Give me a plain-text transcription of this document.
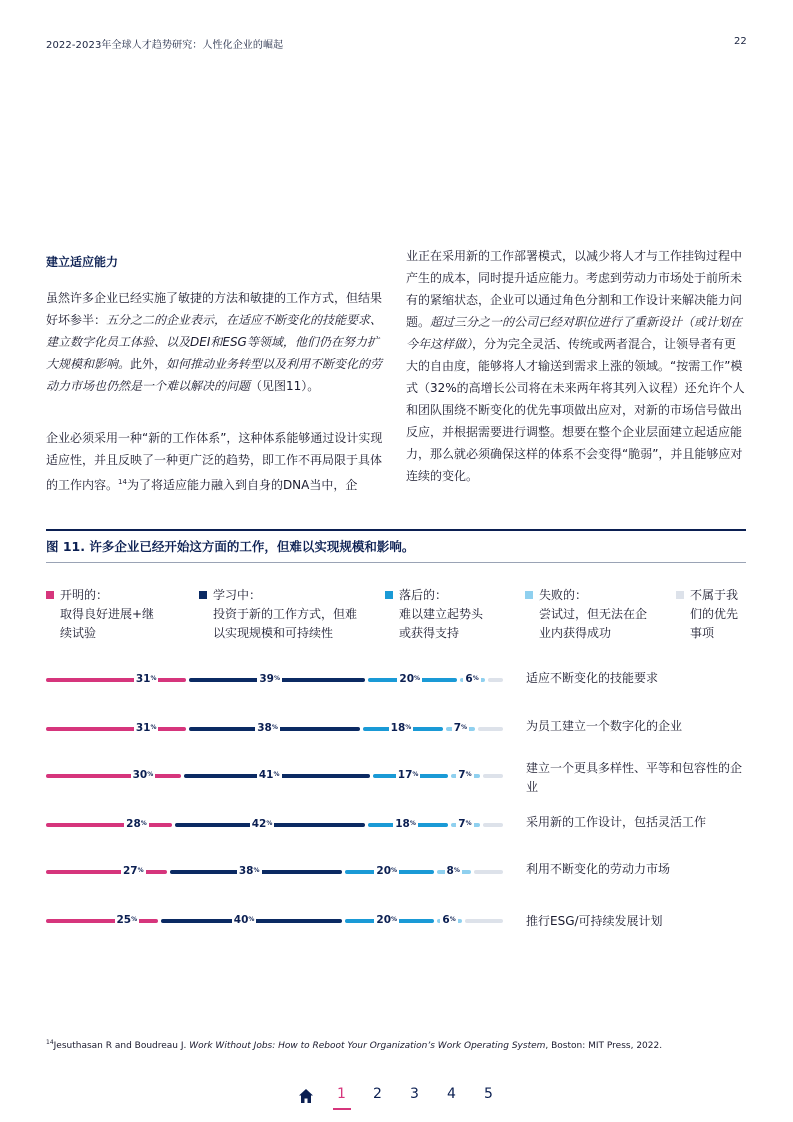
2022-2023年全球人才趋势研究：人性化企业的崛起	22
建立适应能力
虽然许多企业已经实施了敏捷的方法和敏捷的工作方式，但结果好坏参半：五分之二的企业表示，在适应不断变化的技能要求、建立数字化员工体验、以及DEI和ESG等领域，他们仍在努力扩大规模和影响。此外，如何推动业务转型以及利用不断变化的劳动力市场也仍然是一个难以解决的问题（见图11）。
企业必须采用一种“新的工作体系”，这种体系能够通过设计实现适应性，并且反映了一种更广泛的趋势，即工作不再局限于具体的工作内容。$^{14}$为了将适应能力融入到自身的DNA当中，企
业正在采用新的工作部署模式，以减少将人才与工作挂钩过程中产生的成本，同时提升适应能力。考虑到劳动力市场处于前所未有的紧缩状态，企业可以通过角色分割和工作设计来解决能力问题。超过三分之一的公司已经对职位进行了重新设计（或计划在今年这样做），分为完全灵活、传统或两者混合，让领导者有更大的自由度，能够将人才输送到需求上涨的领域。“按需工作”模式（32%的高增长公司将在未来两年将其列入议程）还允许个人和团队围绕不断变化的优先事项做出应对，对新的市场信号做出反应，并根据需要进行调整。想要在整个企业层面建立起适应能力，那么就必须确保这样的体系不会变得“脆弱”，并且能够应对连续的变化。
图 11. 许多企业已经开始这方面的工作，但难以实现规模和影响。
开明的：
取得良好进展+继
续试验
学习中：
投资于新的工作方式，但难
以实现规模和可持续性
落后的：
难以建立起势头
或获得支持
失败的：
尝试过，但无法在企
业内获得成功
不属于我
们的优先
事项
31%	39%	20%	6%	适应不断变化的技能要求
31%	38%	18%	7%	为员工建立一个数字化的企业
30%	41%	17%	7%	建立一个更具多样性、平等和包容性的企业
28%	42%	18%	7%	采用新的工作设计，包括灵活工作
27%	38%	20%	8%	利用不断变化的劳动力市场
25%	40%	20%	6%	推行ESG/可持续发展计划
$^{14}$Jesuthasan R and Boudreau J. Work Without Jobs: How to Reboot Your Organization’s Work Operating System, Boston: MIT Press, 2022.
1 2 3 4 5
